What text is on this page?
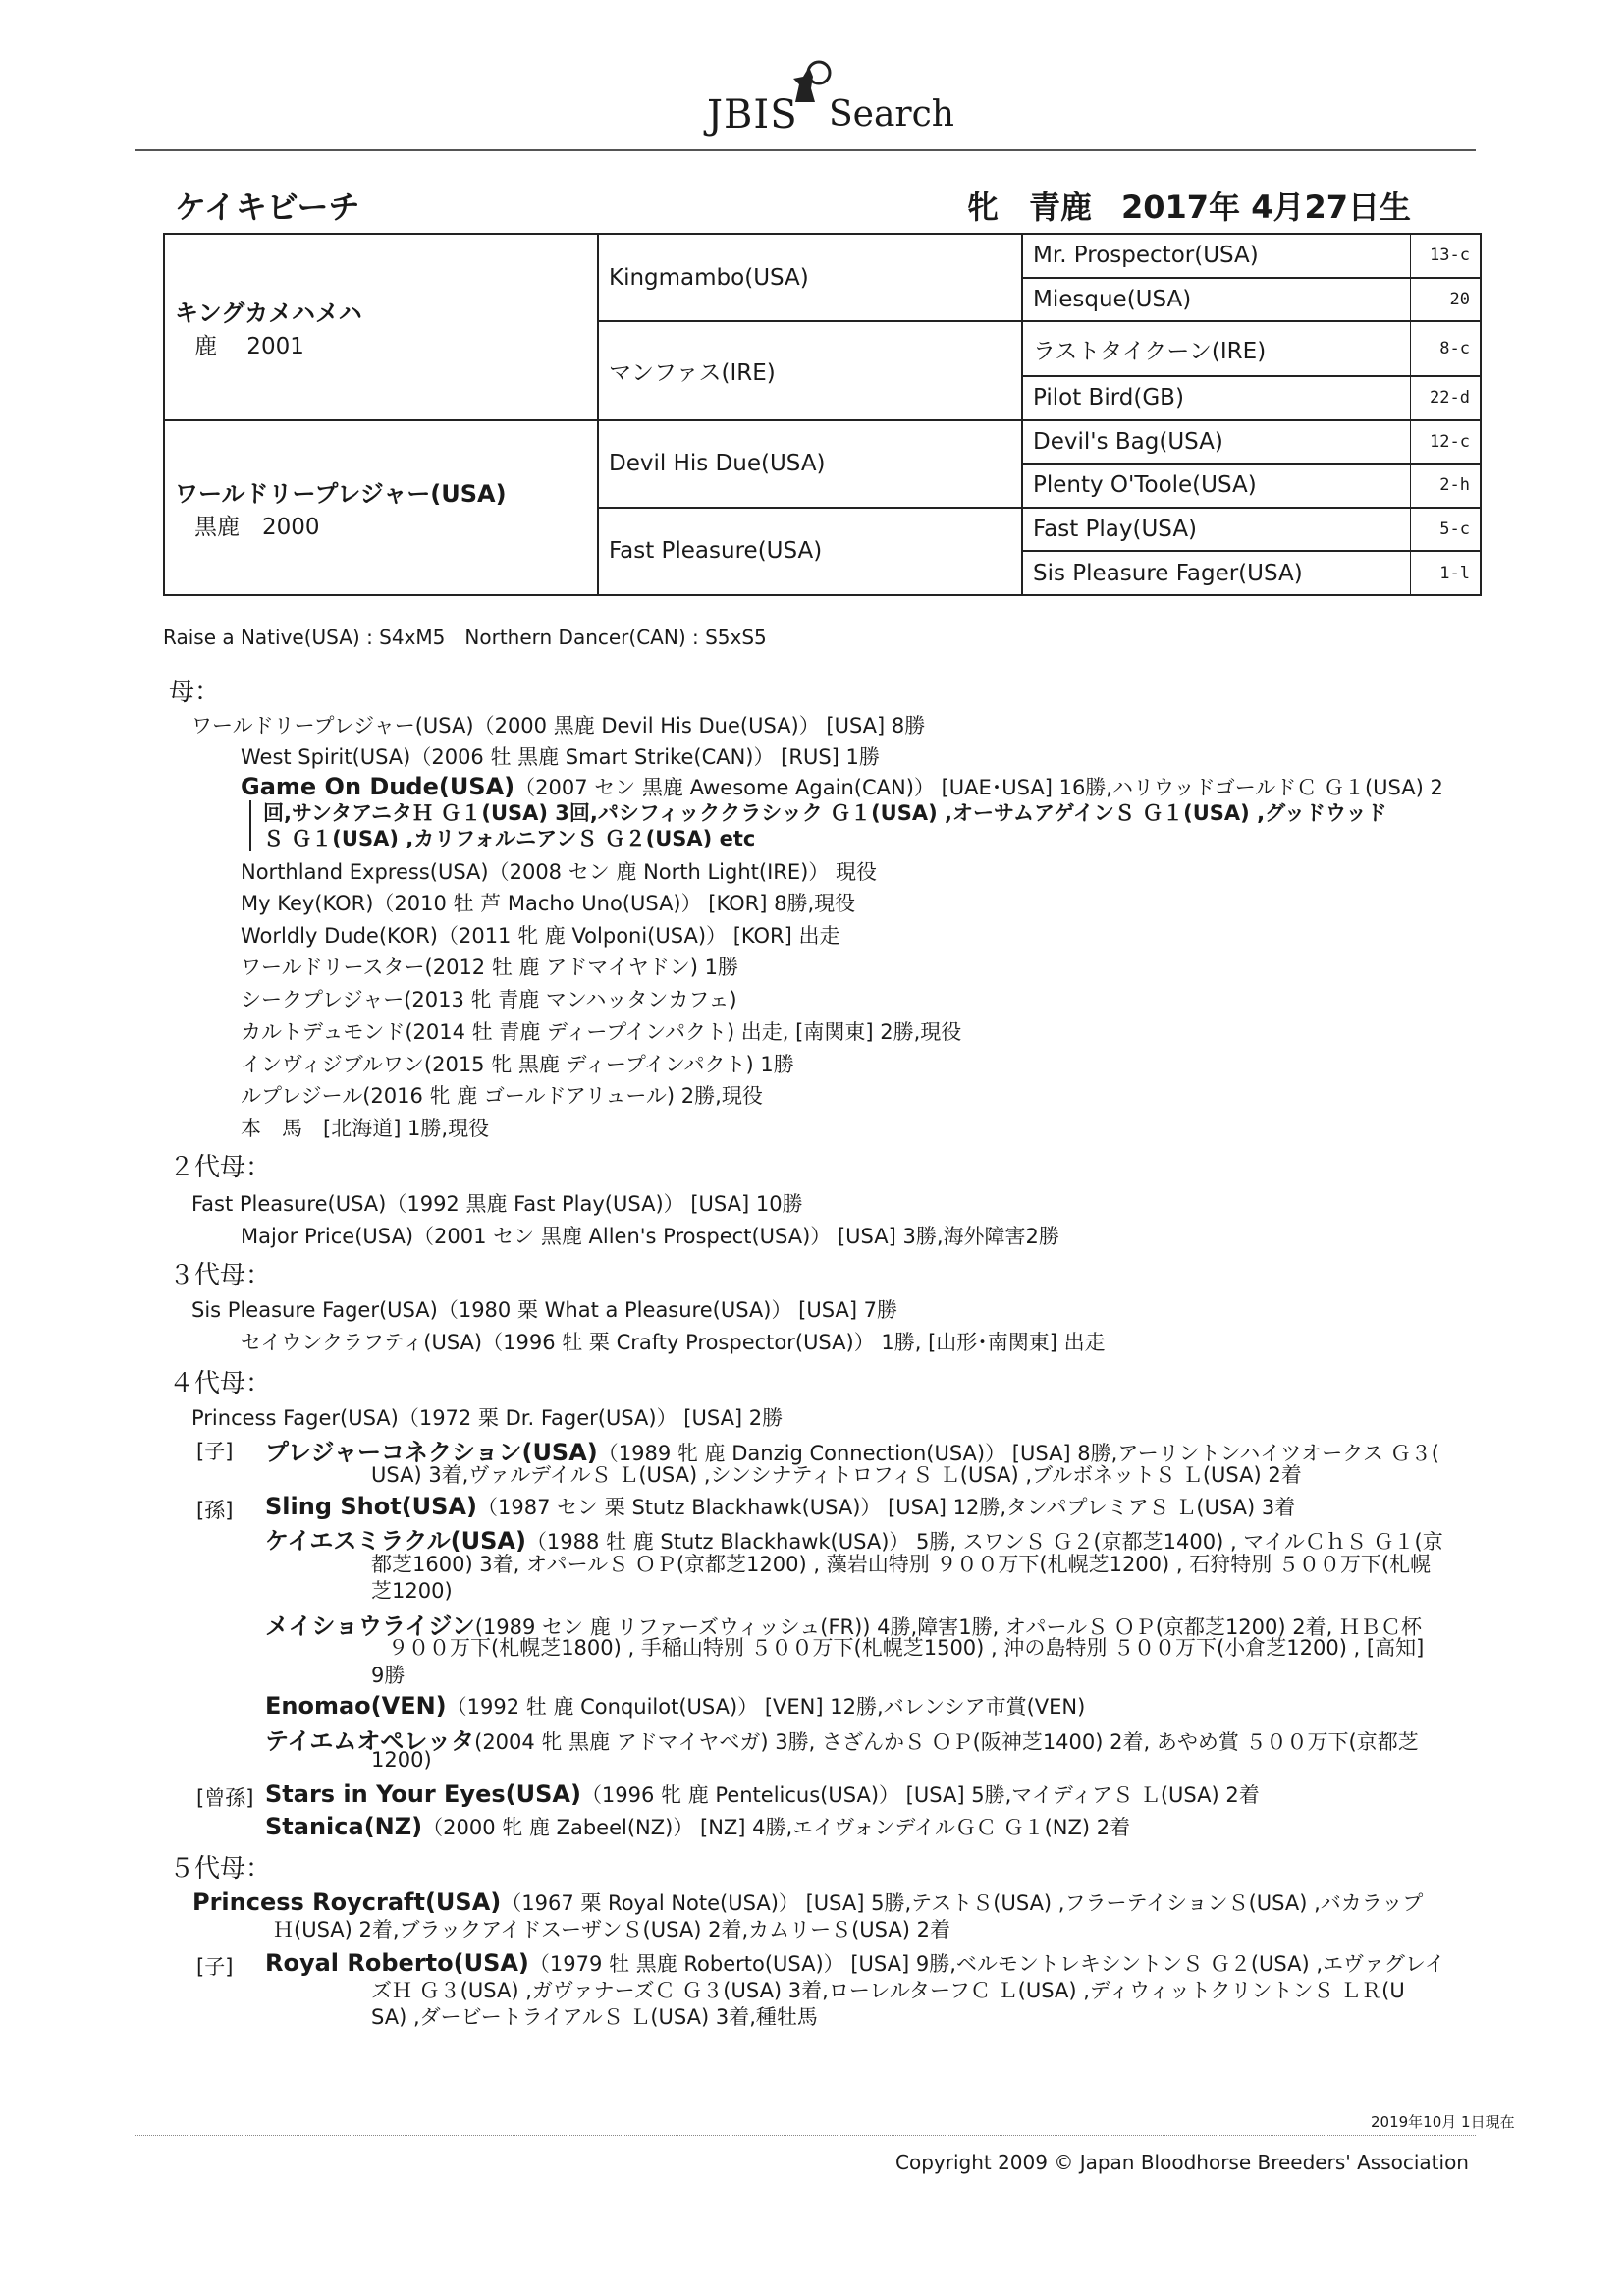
JBIS Search
ケイキビーチ	牝 青鹿 2017年 4月27日生
キングカメハメハ
鹿　 2001	Kingmambo(USA)	Mr. Prospector(USA)	13-c
		Miesque(USA)	20
	マンファス(IRE)	ラストタイクーン(IRE)	8-c
		Pilot Bird(GB)	22-d

ワールドリープレジャー(USA)
黒鹿　2000	Devil His Due(USA)	Devil's Bag(USA)	12-c
		Plenty O'Toole(USA)	2-h
	Fast Pleasure(USA)	Fast Play(USA)	5-c
		Sis Pleasure Fager(USA)	1-l
Raise a Native(USA) : S4xM5　Northern Dancer(CAN) : S5xS5
母：
ワールドリープレジャー(USA)（2000 黒鹿 Devil His Due(USA)） [USA] 8勝
West Spirit(USA)（2006 牡 黒鹿 Smart Strike(CAN)） [RUS] 1勝
Game On Dude(USA)（2007 セン 黒鹿 Awesome Again(CAN)） [UAE･USA] 16勝,ハリウッドゴールドＣ Ｇ１(USA) 2
回,サンタアニタＨ Ｇ１(USA) 3回,パシフィッククラシック Ｇ１(USA) ,オーサムアゲインＳ Ｇ１(USA) ,グッドウッド
Ｓ Ｇ１(USA) ,カリフォルニアンＳ Ｇ２(USA) etc
Northland Express(USA)（2008 セン 鹿 North Light(IRE)） 現役
My Key(KOR)（2010 牡 芦 Macho Uno(USA)） [KOR] 8勝,現役
Worldly Dude(KOR)（2011 牝 鹿 Volponi(USA)） [KOR] 出走
ワールドリースター(2012 牡 鹿 アドマイヤドン) 1勝
シークプレジャー(2013 牝 青鹿 マンハッタンカフェ)
カルトデュモンド(2014 牡 青鹿 ディープインパクト) 出走, [南関東] 2勝,現役
インヴィジブルワン(2015 牝 黒鹿 ディープインパクト) 1勝
ルプレジール(2016 牝 鹿 ゴールドアリュール) 2勝,現役
本　馬　[北海道] 1勝,現役
２代母：
Fast Pleasure(USA)（1992 黒鹿 Fast Play(USA)） [USA] 10勝
Major Price(USA)（2001 セン 黒鹿 Allen's Prospect(USA)） [USA] 3勝,海外障害2勝
３代母：
Sis Pleasure Fager(USA)（1980 栗 What a Pleasure(USA)） [USA] 7勝
セイウンクラフティ(USA)（1996 牡 栗 Crafty Prospector(USA)） 1勝, [山形･南関東] 出走
４代母：
Princess Fager(USA)（1972 栗 Dr. Fager(USA)） [USA] 2勝
[子] プレジャーコネクション(USA)（1989 牝 鹿 Danzig Connection(USA)） [USA] 8勝,アーリントンハイツオークス Ｇ３(
USA) 3着,ヴァルデイルＳ Ｌ(USA) ,シンシナティトロフィＳ Ｌ(USA) ,ブルボネットＳ Ｌ(USA) 2着
[孫] Sling Shot(USA)（1987 セン 栗 Stutz Blackhawk(USA)） [USA] 12勝,タンパプレミアＳ Ｌ(USA) 3着
ケイエスミラクル(USA)（1988 牡 鹿 Stutz Blackhawk(USA)） 5勝, スワンＳ Ｇ２(京都芝1400) , マイルＣｈＳ Ｇ１(京
都芝1600) 3着, オパールＳ ＯＰ(京都芝1200) , 藻岩山特別 ９００万下(札幌芝1200) , 石狩特別 ５００万下(札幌
芝1200)
メイショウライジン(1989 セン 鹿 リファーズウィッシュ(FR)) 4勝,障害1勝, オパールＳ ＯＰ(京都芝1200) 2着, ＨＢＣ杯
９００万下(札幌芝1800) , 手稲山特別 ５００万下(札幌芝1500) , 沖の島特別 ５００万下(小倉芝1200) , [高知]
9勝
Enomao(VEN)（1992 牡 鹿 Conquilot(USA)） [VEN] 12勝,バレンシア市賞(VEN)
テイエムオペレッタ(2004 牝 黒鹿 アドマイヤベガ) 3勝, さざんかＳ ＯＰ(阪神芝1400) 2着, あやめ賞 ５００万下(京都芝
1200)
[曾孫] Stars in Your Eyes(USA)（1996 牝 鹿 Pentelicus(USA)） [USA] 5勝,マイディアＳ Ｌ(USA) 2着
Stanica(NZ)（2000 牝 鹿 Zabeel(NZ)） [NZ] 4勝,エイヴォンデイルＧＣ Ｇ１(NZ) 2着
５代母：
Princess Roycraft(USA)（1967 栗 Royal Note(USA)） [USA] 5勝,テストＳ(USA) ,フラーテイションＳ(USA) ,バカラップ
Ｈ(USA) 2着,ブラックアイドスーザンＳ(USA) 2着,カムリーＳ(USA) 2着
[子] Royal Roberto(USA)（1979 牡 黒鹿 Roberto(USA)） [USA] 9勝,ベルモントレキシントンＳ Ｇ２(USA) ,エヴァグレイ
ズＨ Ｇ３(USA) ,ガヴァナーズＣ Ｇ３(USA) 3着,ローレルターフＣ Ｌ(USA) ,ディウィットクリントンＳ ＬＲ(U
SA) ,ダービートライアルＳ Ｌ(USA) 3着,種牡馬
2019年10月 1日現在
Copyright 2009 © Japan Bloodhorse Breeders' Association
